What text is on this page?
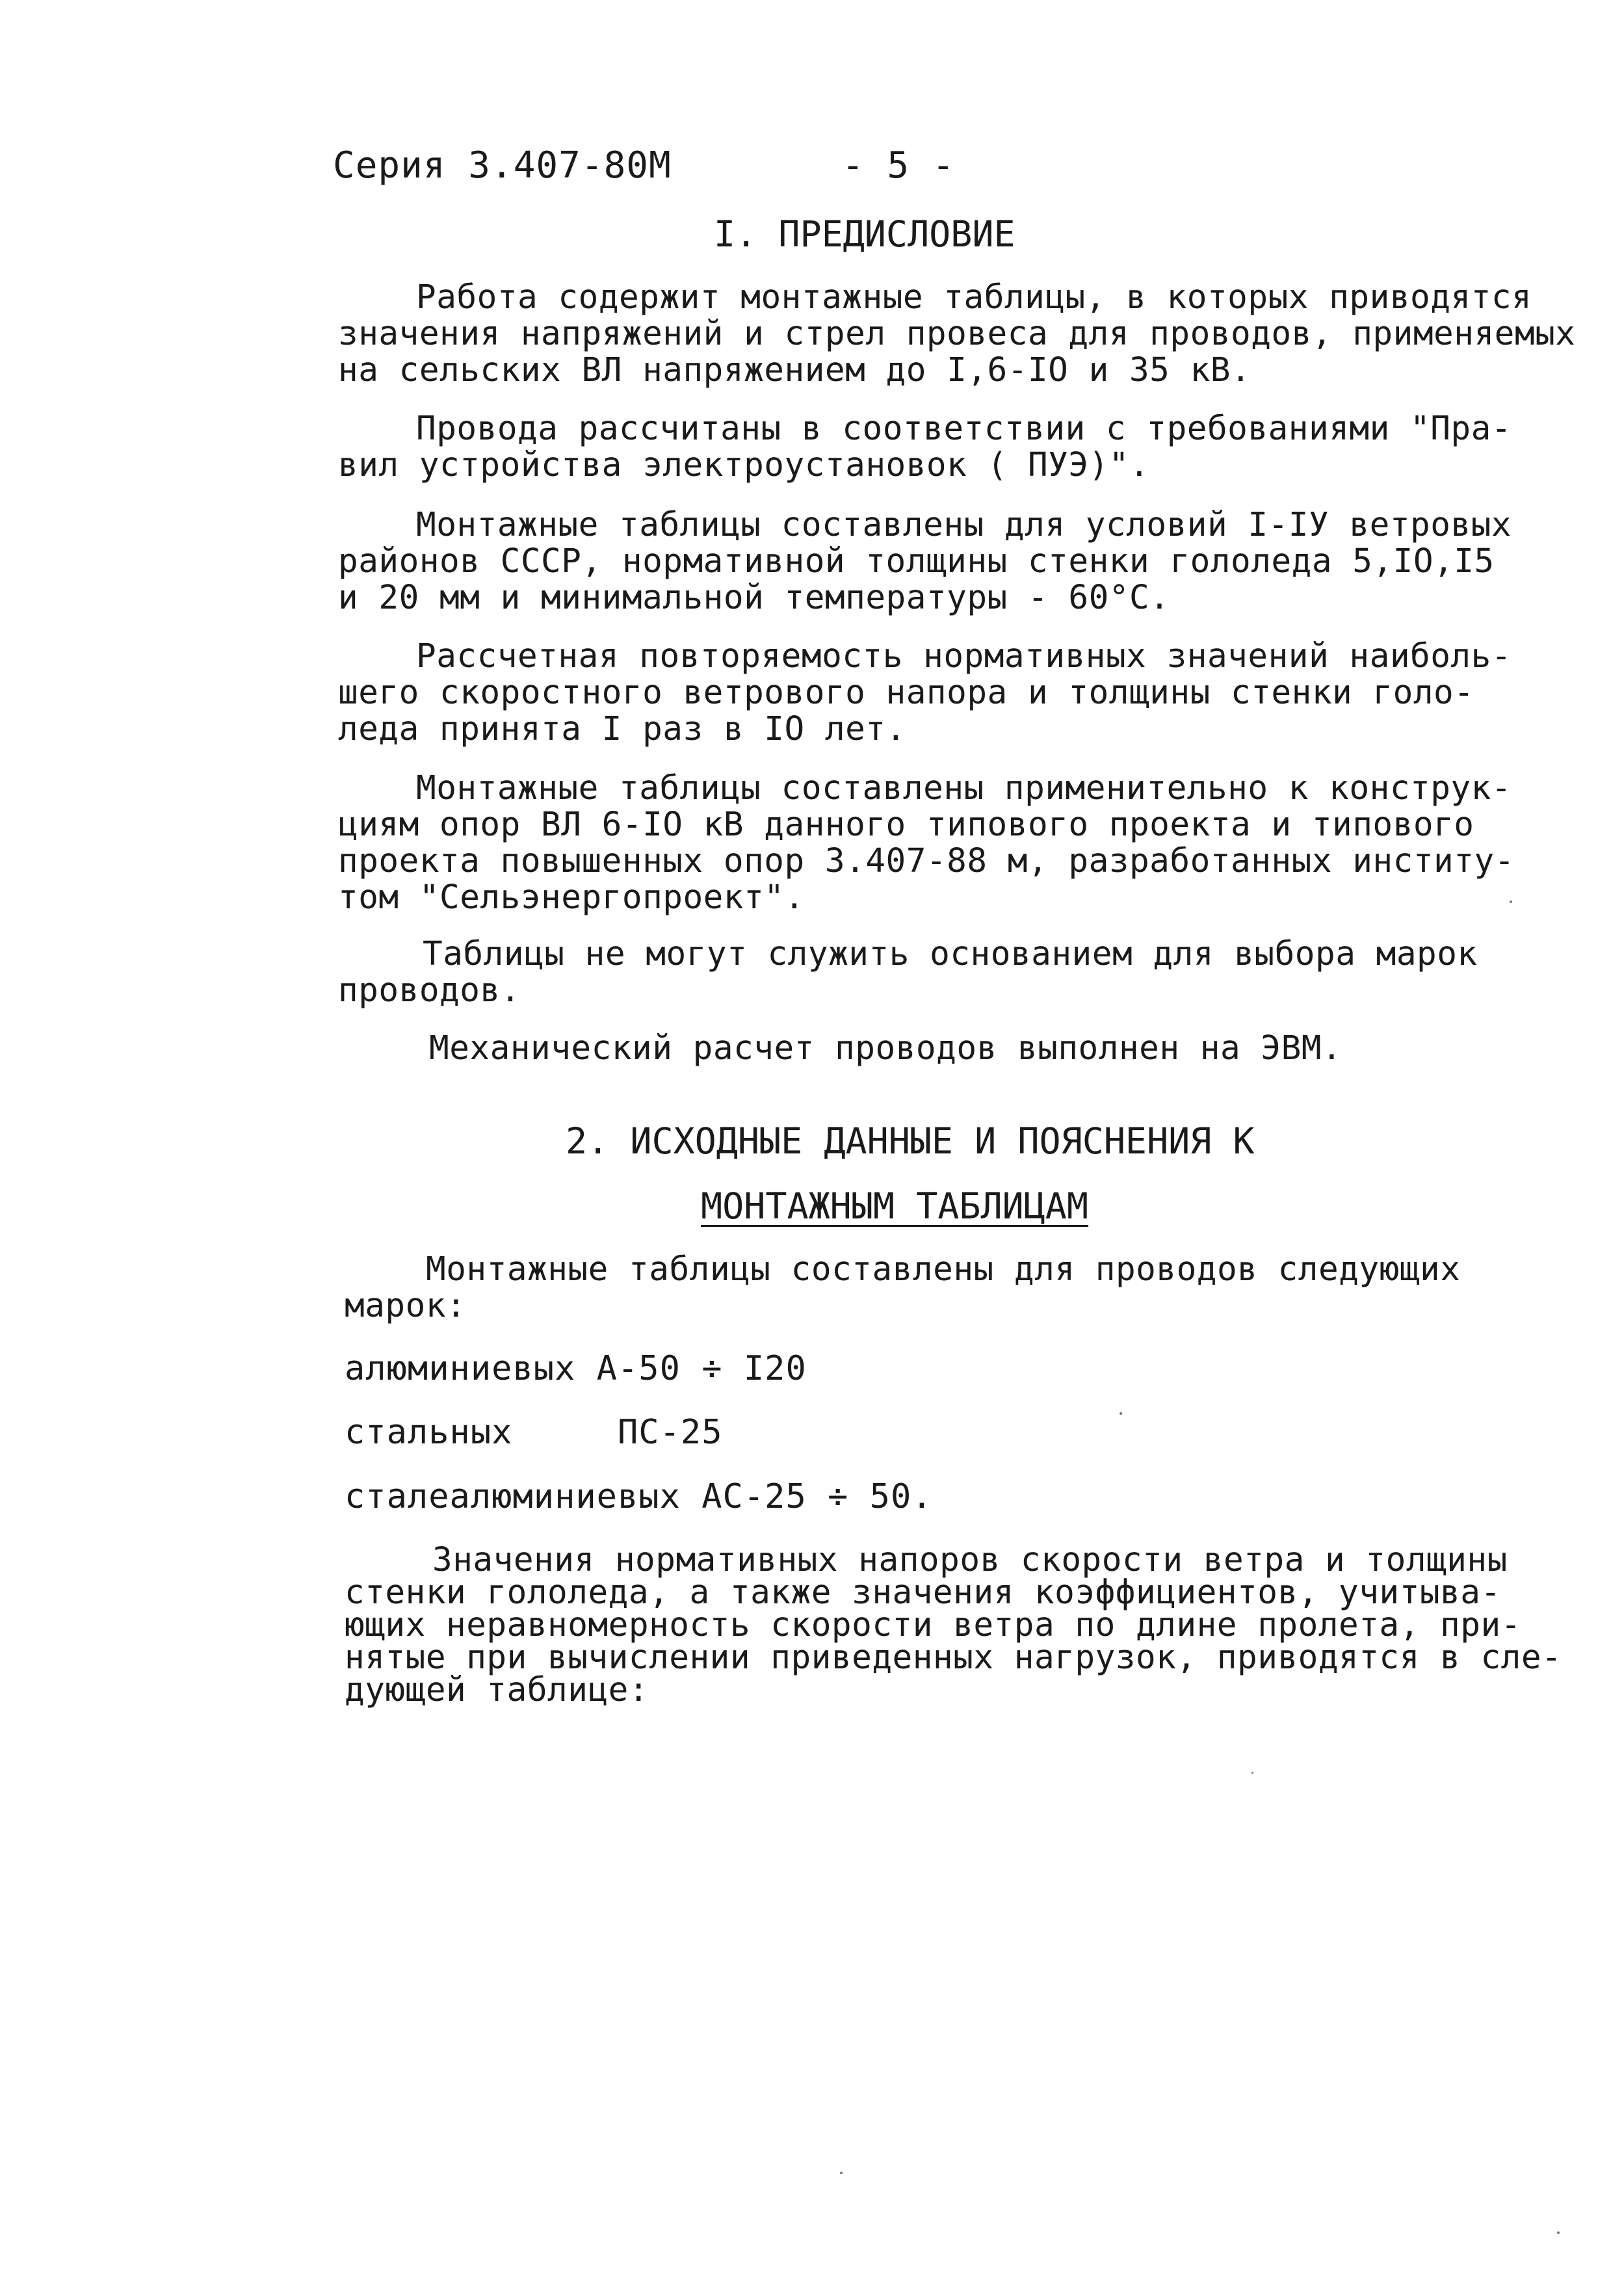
Серия 3.407-80М	- 5 -
I. ПРЕДИСЛОВИЕ
Работа содержит монтажные таблицы, в которых приводятся
значения напряжений и стрел провеса для проводов, применяемых
на сельских ВЛ напряжением до I,6-IO и 35 кВ.
Провода рассчитаны в соответствии с требованиями "Пра-
вил устройства электроустановок ( ПУЭ)".
Монтажные таблицы составлены для условий I-IУ ветровых
районов СССР, нормативной толщины стенки гололеда 5,IO,I5
и 20 мм и минимальной температуры - 60°С.
Рассчетная повторяемость нормативных значений наиболь-
шего скоростного ветрового напора и толщины стенки голо-
леда принята I раз в IO лет.
Монтажные таблицы составлены применительно к конструк-
циям опор ВЛ 6-IO кВ данного типового проекта и типового
проекта повышенных опор 3.407-88 м, разработанных институ-
том "Сельэнергопроект".
Таблицы не могут служить основанием для выбора марок
проводов.
Механический расчет проводов выполнен на ЭВМ.
2. ИСХОДНЫЕ ДАННЫЕ И ПОЯСНЕНИЯ К
МОНТАЖНЫМ ТАБЛИЦАМ
Монтажные таблицы составлены для проводов следующих
марок:
алюминиевых А-50 ÷ I20
стальных     ПС-25
сталеалюминиевых АС-25 ÷ 50.
Значения нормативных напоров скорости ветра и толщины
стенки гололеда, а также значения коэффициентов, учитыва-
ющих неравномерность скорости ветра по длине пролета, при-
нятые при вычислении приведенных нагрузок, приводятся в сле-
дующей таблице:
